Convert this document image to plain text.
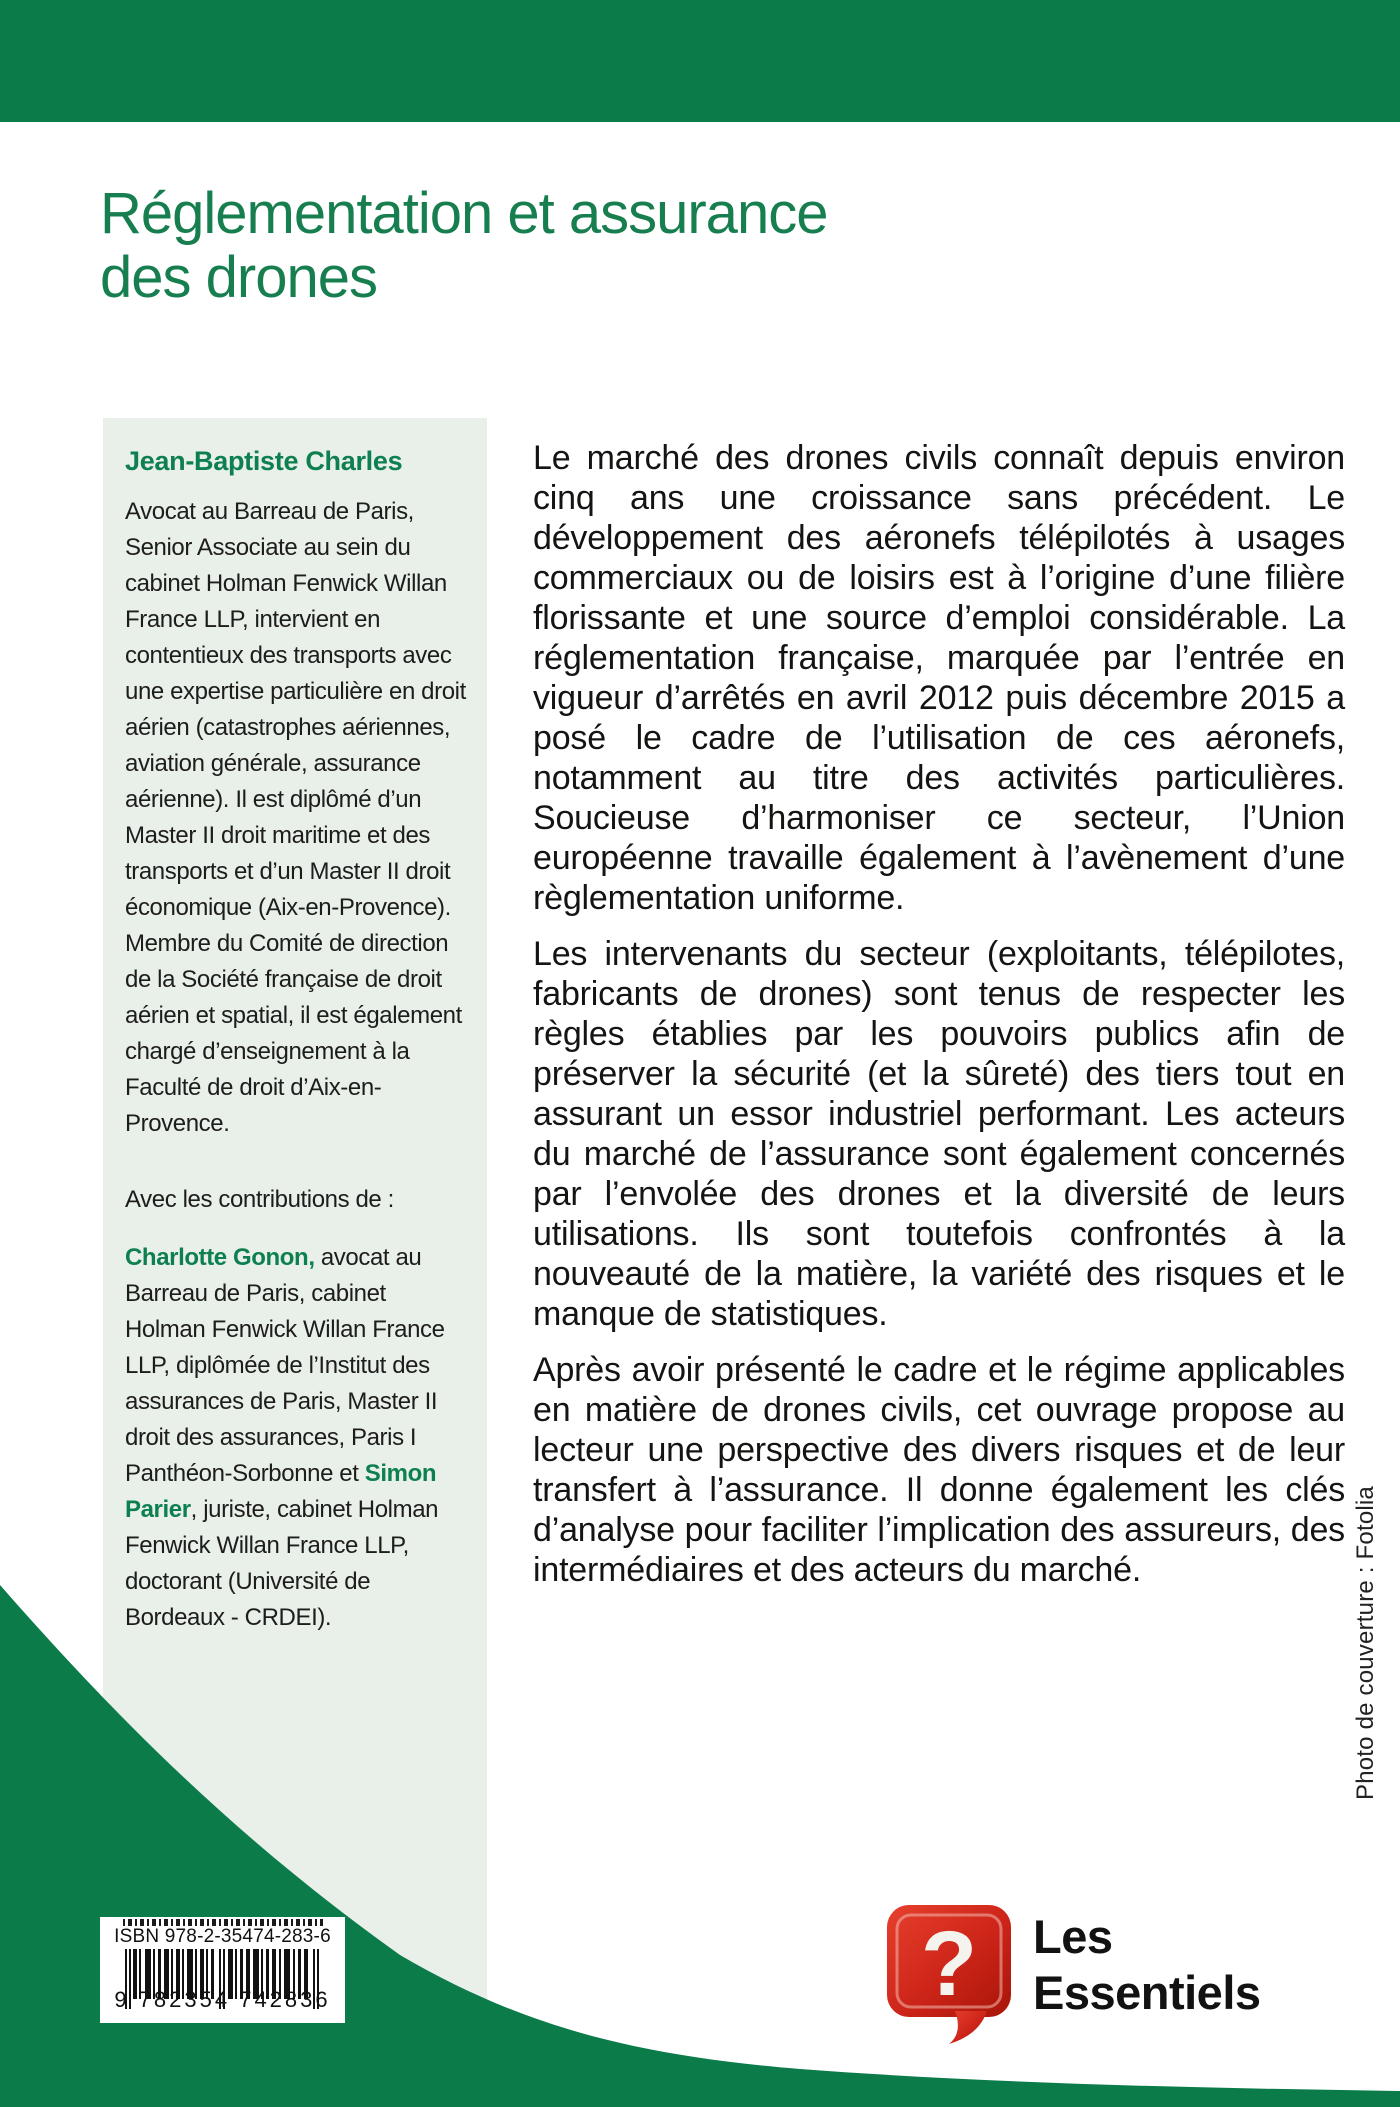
Réglementation et assurance
des drones
Jean-Baptiste Charles
Avocat au Barreau de Paris, Senior Associate au sein du cabinet Holman Fenwick Willan France LLP, intervient en contentieux des transports avec une expertise particulière en droit aérien (catastrophes aériennes, aviation générale, assurance aérienne). Il est diplômé d’un Master II droit maritime et des transports et d’un Master II droit économique (Aix-en-Provence). Membre du Comité de direction de la Société française de droit aérien et spatial, il est également chargé d’enseignement à la Faculté de droit d’Aix-en-Provence.
Avec les contributions de :
Charlotte Gonon, avocat au Barreau de Paris, cabinet Holman Fenwick Willan France LLP, diplômée de l’Institut des assurances de Paris, Master II droit des assurances, Paris I Panthéon-Sorbonne et Simon Parier, juriste, cabinet Holman Fenwick Willan France LLP, doctorant (Université de Bordeaux - CRDEI).

Le marché des drones civils connaît depuis environ cinq ans une croissance sans précédent. Le développement des aéronefs télépilotés à usages commerciaux ou de loisirs est à l’origine d’une filière florissante et une source d’emploi considérable. La réglementation française, marquée par l’entrée en vigueur d’arrêtés en avril 2012 puis décembre 2015 a posé le cadre de l’utilisation de ces aéronefs, notamment au titre des activités particulières. Soucieuse d’harmoniser ce secteur, l’Union européenne travaille également à l’avènement d’une règlementation uniforme.

Les intervenants du secteur (exploitants, télépilotes, fabricants de drones) sont tenus de respecter les règles établies par les pouvoirs publics afin de préserver la sécurité (et la sûreté) des tiers tout en assurant un essor industriel performant. Les acteurs du marché de l’assurance sont également concernés par l’envolée des drones et la diversité de leurs utilisations. Ils sont toutefois confrontés à la nouveauté de la matière, la variété des risques et le manque de statistiques.

Après avoir présenté le cadre et le régime applicables en matière de drones civils, cet ouvrage propose au lecteur une perspective des divers risques et de leur transfert à l’assurance. Il donne également les clés d’analyse pour faciliter l’implication des assureurs, des intermédiaires et des acteurs du marché.	Photo de couverture : Fotolia
ISBN 978-2-35474-283-6
9 782354 742836	? Les
Essentiels
